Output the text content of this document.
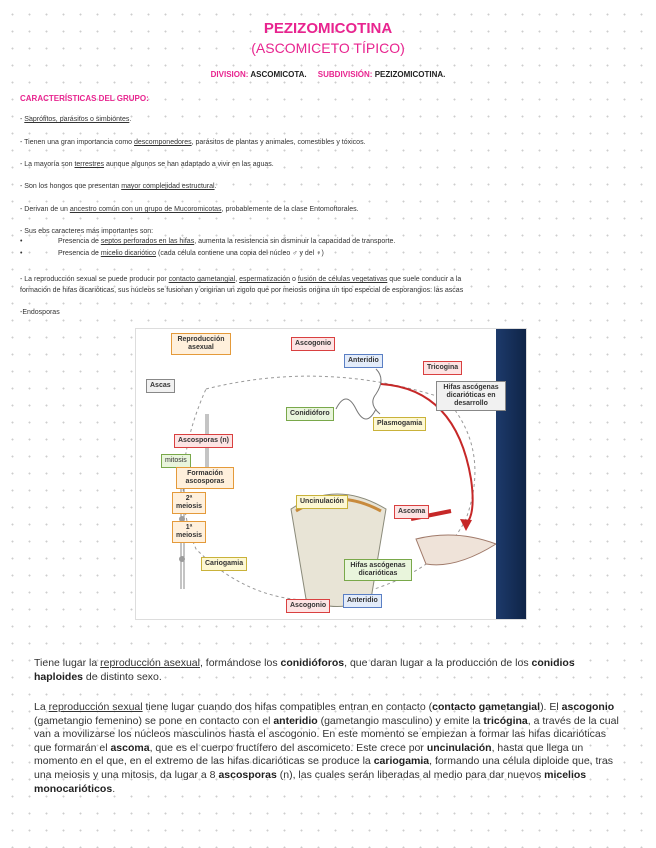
PEZIZOMICOTINA
(ASCOMICETO TÍPICO)
DIVISION: ASCOMICOTA. SUBDIVISIÓN: PEZIZOMICOTINA.
CARACTERÍSTICAS DEL GRUPO:
- Saprófitos, parásitos o simbiontes.
- Tienen una gran importancia como descomponedores, parásitos de plantas y animales, comestibles y tóxicos.
- La mayoría son terrestres aunque algunos se han adaptado a vivir en las aguas.
- Son los hongos que presentan mayor complejidad estructural.
- Derivan de un ancestro común con un grupo de Mucoromicotas, probablemente de la clase Entomoftorales.
- Sus ebs caracteres más importantes son:
•	Presencia de septos perforados en las hifas, aumenta la resistencia sin disminuir la capacidad de transporte.
•	Presencia de micelio dicariótico (cada célula contiene una copia del núcleo ♂ y del ♀)
- La reproducción sexual se puede producir por contacto gametangial, espermatización o fusión de células vegetativas que suele conducir a la
formación de hifas dicarióticas, sus núcleos se fusionan y originan un zigoto que por meiosis origina un tipo especial de esporangios: las ascas
-Endosporas
Reproducción asexual
Ascogonio
Anteridio
Tricogina
Ascas
Conidióforo
Plasmogamia
Hifas ascógenas dicarióticas en desarrollo
Ascosporas (n)
mitosis
Formación ascosporas
2ª meiosis
1ª meiosis
Cariogamia
Uncinulación
Ascoma
Hifas ascógenas dicarióticas
Ascogonio
Anteridio
Tiene lugar la reproducción asexual, formándose los conidióforos, que daran lugar a la producción de los conidios haploides de distinto sexo.
La reproducción sexual tiene lugar cuando dos hifas compatibles entran en contacto (contacto gametangial). El ascogonio (gametangio femenino) se pone en contacto con el anteridio (gametangio masculino) y emite la tricógina, a través de la cual van a movilizarse los núcleos masculinos hasta el ascogonio. En este momento se empiezan a formar las hifas dicarióticas que formarán el ascoma, que es el cuerpo fructífero del ascomiceto. Este crece por uncinulación, hasta que llega un momento en el que, en el extremo de las hifas dicarióticas se produce la cariogamia, formando una célula diploide que, tras una meiosis y una mitosis, da lugar a 8 ascosporas (n), las cuales serán liberadas al medio para dar nuevos micelios monocarióticos.
